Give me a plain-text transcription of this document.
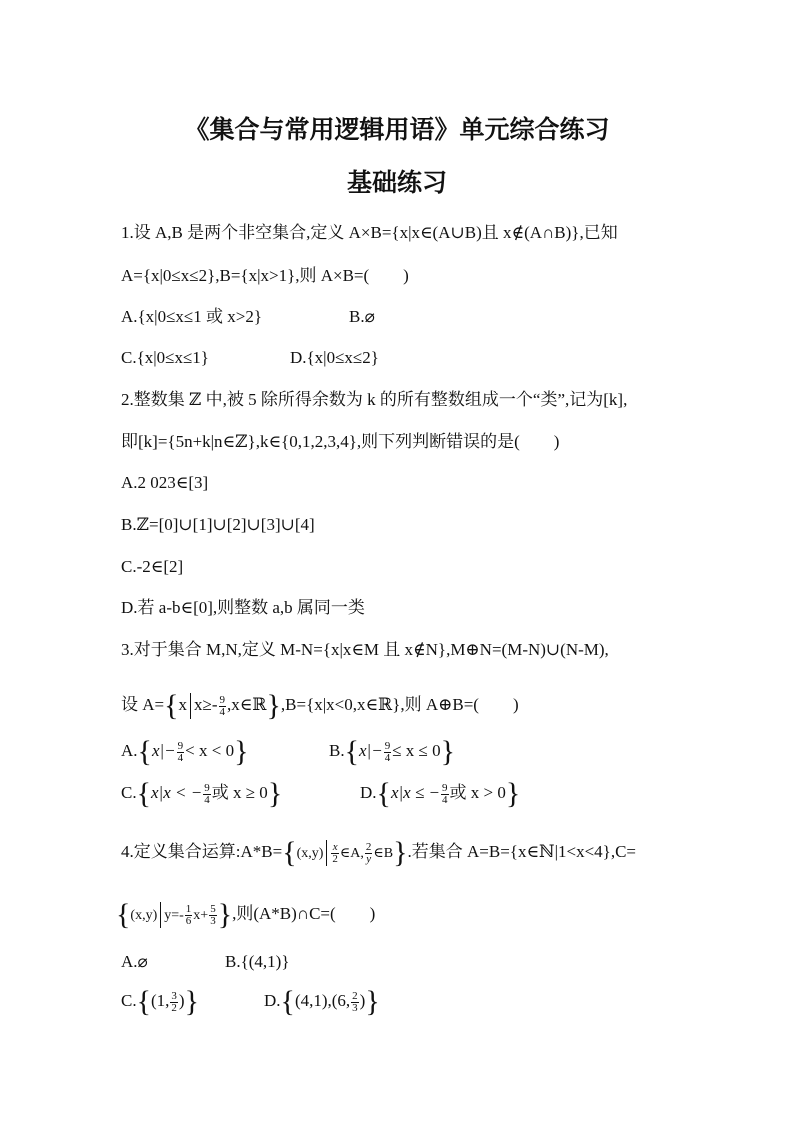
《集合与常用逻辑用语》单元综合练习
基础练习
1.设 A,B 是两个非空集合,定义 A×B={x|x∈(A∪B)且 x∉(A∩B)},已知
A={x|0≤x≤2},B={x|x>1},则 A×B=(　　)
A.{x|0≤x≤1 或 x>2}	B.⌀
C.{x|0≤x≤1}	D.{x|0≤x≤2}
2.整数集 ℤ 中,被 5 除所得余数为 k 的所有整数组成一个“类”,记为[k],
即[k]={5n+k|n∈ℤ},k∈{0,1,2,3,4},则下列判断错误的是(　　)
A.2 023∈[3]
B.ℤ=[0]∪[1]∪[2]∪[3]∪[4]
C.-2∈[2]
D.若 a-b∈[0],则整数 a,b 属同一类
3.对于集合 M,N,定义 M-N={x|x∈M 且 x∉N},M⊕N=(M-N)∪(N-M),
设 A={x $x\ge- \frac{9}{4}$ ,x∈ℝ},B={x|x<0,x∈ℝ},则 A⊕B=(　　)
$A.\{x|- \frac{9}{4} < x < 0\}$	$B.\{x|- \frac{9}{4} \le x \le 0\}$
C.{x|x < − $\frac{9}{4}$ 或 x ≥ 0}	D.{x|x ≤ − $\frac{9}{4}$ 或 x > 0}
4.定义集合运算:A*B={(x,y) $\frac{x}{2}$ ∈A, $\frac{2}{y}$ ∈B}.若集合 A=B={x∈ℕ|1<x<4},C=
{(x,y) $y=- \frac{1}{6} x+ \frac{5}{3}$ },则(A*B)∩C=(　　)
A.⌀	B.{(4,1)}
C.{(1, $\frac{3}{2}$ )}	D.{(4,1),(6, $\frac{2}{3}$ )}
